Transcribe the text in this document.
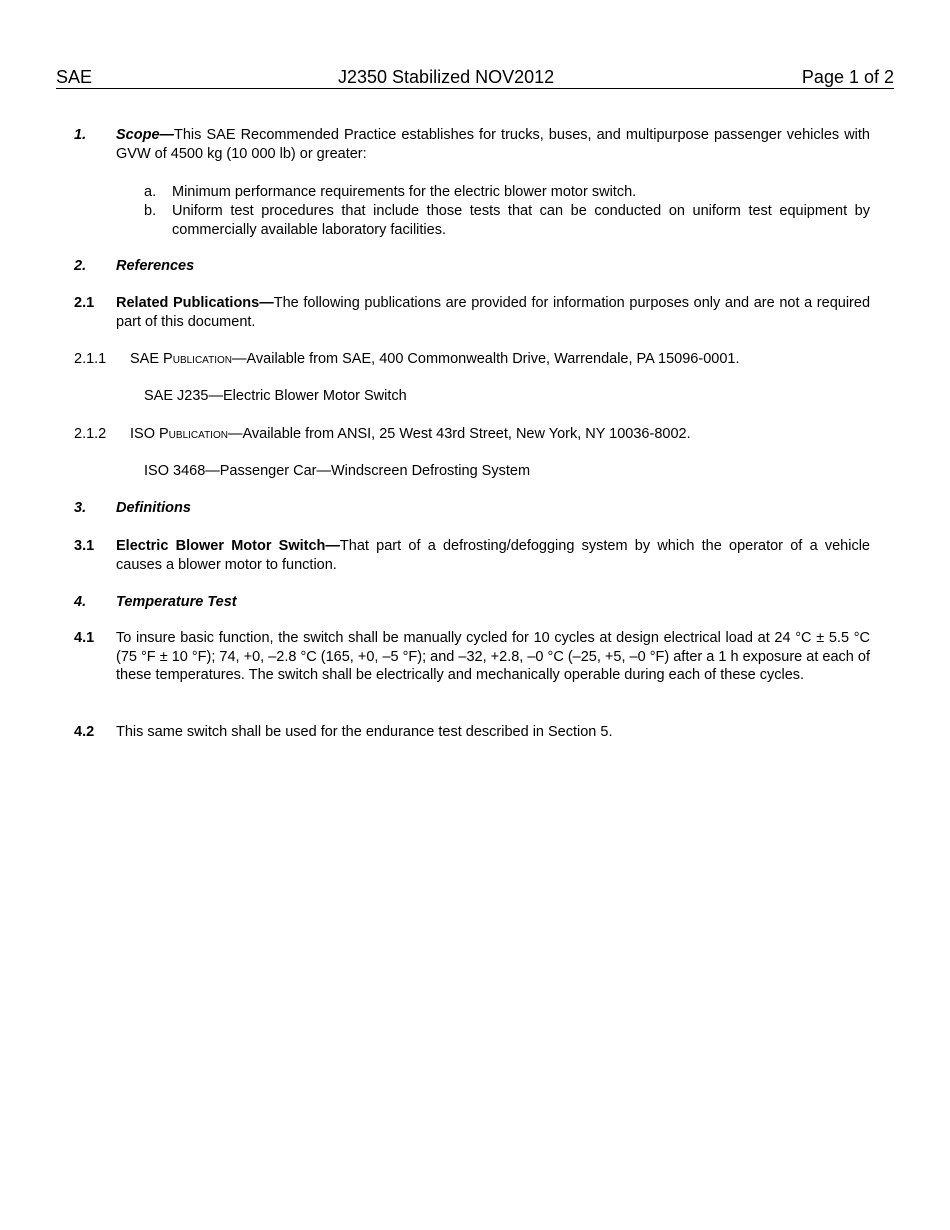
SAE	J2350 Stabilized NOV2012	Page 1 of 2
1. Scope—This SAE Recommended Practice establishes for trucks, buses, and multipurpose passenger vehicles with GVW of 4500 kg (10 000 lb) or greater:
a. Minimum performance requirements for the electric blower motor switch.
b. Uniform test procedures that include those tests that can be conducted on uniform test equipment by commercially available laboratory facilities.
2. References
2.1 Related Publications—The following publications are provided for information purposes only and are not a required part of this document.
2.1.1 SAE Publication—Available from SAE, 400 Commonwealth Drive, Warrendale, PA 15096-0001.
SAE J235—Electric Blower Motor Switch
2.1.2 ISO Publication—Available from ANSI, 25 West 43rd Street, New York, NY 10036-8002.
ISO 3468—Passenger Car—Windscreen Defrosting System
3. Definitions
3.1 Electric Blower Motor Switch—That part of a defrosting/defogging system by which the operator of a vehicle causes a blower motor to function.
4. Temperature Test
4.1 To insure basic function, the switch shall be manually cycled for 10 cycles at design electrical load at 24 °C ± 5.5 °C (75 °F ± 10 °F); 74, +0, –2.8 °C (165, +0, –5 °F); and –32, +2.8, –0 °C (–25, +5, –0 °F) after a 1 h exposure at each of these temperatures. The switch shall be electrically and mechanically operable during each of these cycles.
4.2 This same switch shall be used for the endurance test described in Section 5.
